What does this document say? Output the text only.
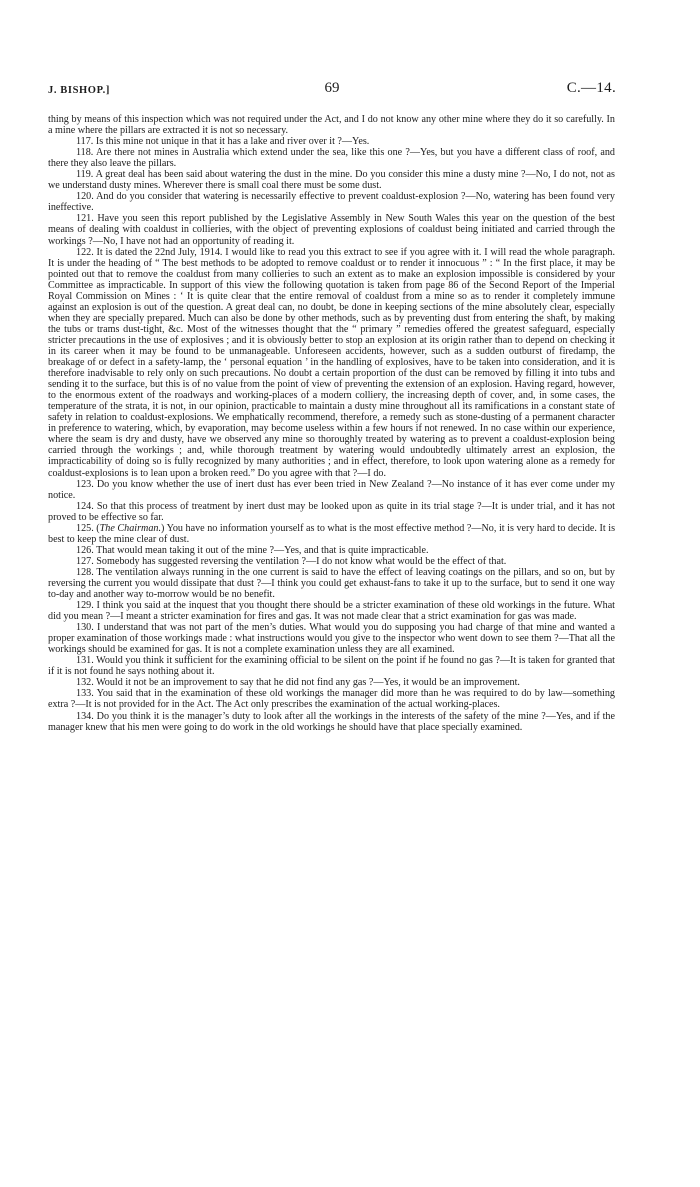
J. BISHOP.]	69	C.—14.

thing by means of this inspection which was not required under the Act, and I do not know any other mine where they do it so carefully. In a mine where the pillars are extracted it is not so necessary.

117. Is this mine not unique in that it has a lake and river over it ?—Yes.

118. Are there not mines in Australia which extend under the sea, like this one ?—Yes, but you have a different class of roof, and there they also leave the pillars.

119. A great deal has been said about watering the dust in the mine. Do you consider this mine a dusty mine ?—No, I do not, not as we understand dusty mines. Wherever there is small coal there must be some dust.

120. And do you consider that watering is necessarily effective to prevent coaldust-explosion ?—No, watering has been found very ineffective.

121. Have you seen this report published by the Legislative Assembly in New South Wales this year on the question of the best means of dealing with coaldust in collieries, with the object of preventing explosions of coaldust being initiated and carried through the workings ?—No, I have not had an opportunity of reading it.

122. It is dated the 22nd July, 1914. I would like to read you this extract to see if you agree with it. I will read the whole paragraph. It is under the heading of “ The best methods to be adopted to remove coaldust or to render it innocuous ” : “ In the first place, it may be pointed out that to remove the coaldust from many collieries to such an extent as to make an explosion impossible is considered by your Committee as impracticable. In support of this view the following quotation is taken from page 86 of the Second Report of the Imperial Royal Commission on Mines : ‘ It is quite clear that the entire removal of coaldust from a mine so as to render it completely immune against an explosion is out of the question. A great deal can, no doubt, be done in keeping sections of the mine absolutely clear, especially when they are specially prepared. Much can also be done by other methods, such as by preventing dust from entering the shaft, by making the tubs or trams dust-tight, &c. Most of the witnesses thought that the “ primary ” remedies offered the greatest safeguard, especially stricter precautions in the use of explosives ; and it is obviously better to stop an explosion at its origin rather than to depend on checking it in its career when it may be found to be unmanageable. Unforeseen accidents, however, such as a sudden outburst of firedamp, the breakage of or defect in a safety-lamp, the ‘ personal equation ’ in the handling of explosives, have to be taken into consideration, and it is therefore inadvisable to rely only on such precautions. No doubt a certain proportion of the dust can be removed by filling it into tubs and sending it to the surface, but this is of no value from the point of view of preventing the extension of an explosion. Having regard, however, to the enormous extent of the roadways and working-places of a modern colliery, the increasing depth of cover, and, in some cases, the temperature of the strata, it is not, in our opinion, practicable to maintain a dusty mine throughout all its ramifications in a constant state of safety in relation to coaldust-explosions. We emphatically recommend, therefore, a remedy such as stone-dusting of a permanent character in preference to watering, which, by evaporation, may become useless within a few hours if not renewed. In no case within our experience, where the seam is dry and dusty, have we observed any mine so thoroughly treated by watering as to prevent a coaldust-explosion being carried through the workings ; and, while thorough treatment by watering would undoubtedly ultimately arrest an explosion, the impracticability of doing so is fully recognized by many authorities ; and in effect, therefore, to look upon watering alone as a remedy for coaldust-explosions is to lean upon a broken reed.” Do you agree with that ?—I do.

123. Do you know whether the use of inert dust has ever been tried in New Zealand ?—No instance of it has ever come under my notice.

124. So that this process of treatment by inert dust may be looked upon as quite in its trial stage ?—It is under trial, and it has not proved to be effective so far.

125. (The Chairman.) You have no information yourself as to what is the most effective method ?—No, it is very hard to decide. It is best to keep the mine clear of dust.

126. That would mean taking it out of the mine ?—Yes, and that is quite impracticable.

127. Somebody has suggested reversing the ventilation ?—I do not know what would be the effect of that.

128. The ventilation always running in the one current is said to have the effect of leaving coatings on the pillars, and so on, but by reversing the current you would dissipate that dust ?—I think you could get exhaust-fans to take it up to the surface, but to send it one way to-day and another way to-morrow would be no benefit.

129. I think you said at the inquest that you thought there should be a stricter examination of these old workings in the future. What did you mean ?—I meant a stricter examination for fires and gas. It was not made clear that a strict examination for gas was made.

130. I understand that was not part of the men’s duties. What would you do supposing you had charge of that mine and wanted a proper examination of those workings made : what instructions would you give to the inspector who went down to see them ?—That all the workings should be examined for gas. It is not a complete examination unless they are all examined.

131. Would you think it sufficient for the examining official to be silent on the point if he found no gas ?—It is taken for granted that if it is not found he says nothing about it.

132. Would it not be an improvement to say that he did not find any gas ?—Yes, it would be an improvement.

133. You said that in the examination of these old workings the manager did more than he was required to do by law—something extra ?—It is not provided for in the Act. The Act only prescribes the examination of the actual working-places.

134. Do you think it is the manager’s duty to look after all the workings in the interests of the safety of the mine ?—Yes, and if the manager knew that his men were going to do work in the old workings he should have that place specially examined.
